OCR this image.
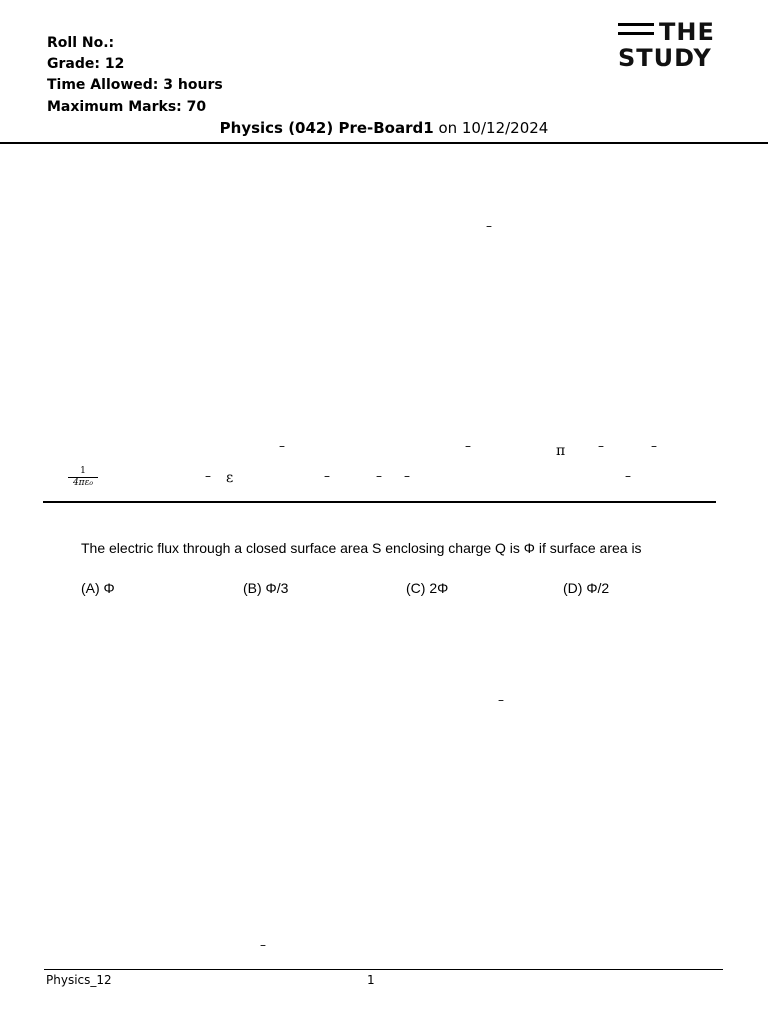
Roll No.:
Grade: 12
Time Allowed: 3 hours
Maximum Marks: 70
THE
STUDY
Physics (042) Pre-Board1 on 10/12/2024
–
–	–	π	–	–
$\frac{1}{\text{4πε₀}}$	– ε	–	– –	–
The electric flux through a closed surface area S enclosing charge Q is Φ if surface area is
(A) Φ	(B) Φ/3	(C) 2Φ	(D) Φ/2
–
–
Physics_12	1
